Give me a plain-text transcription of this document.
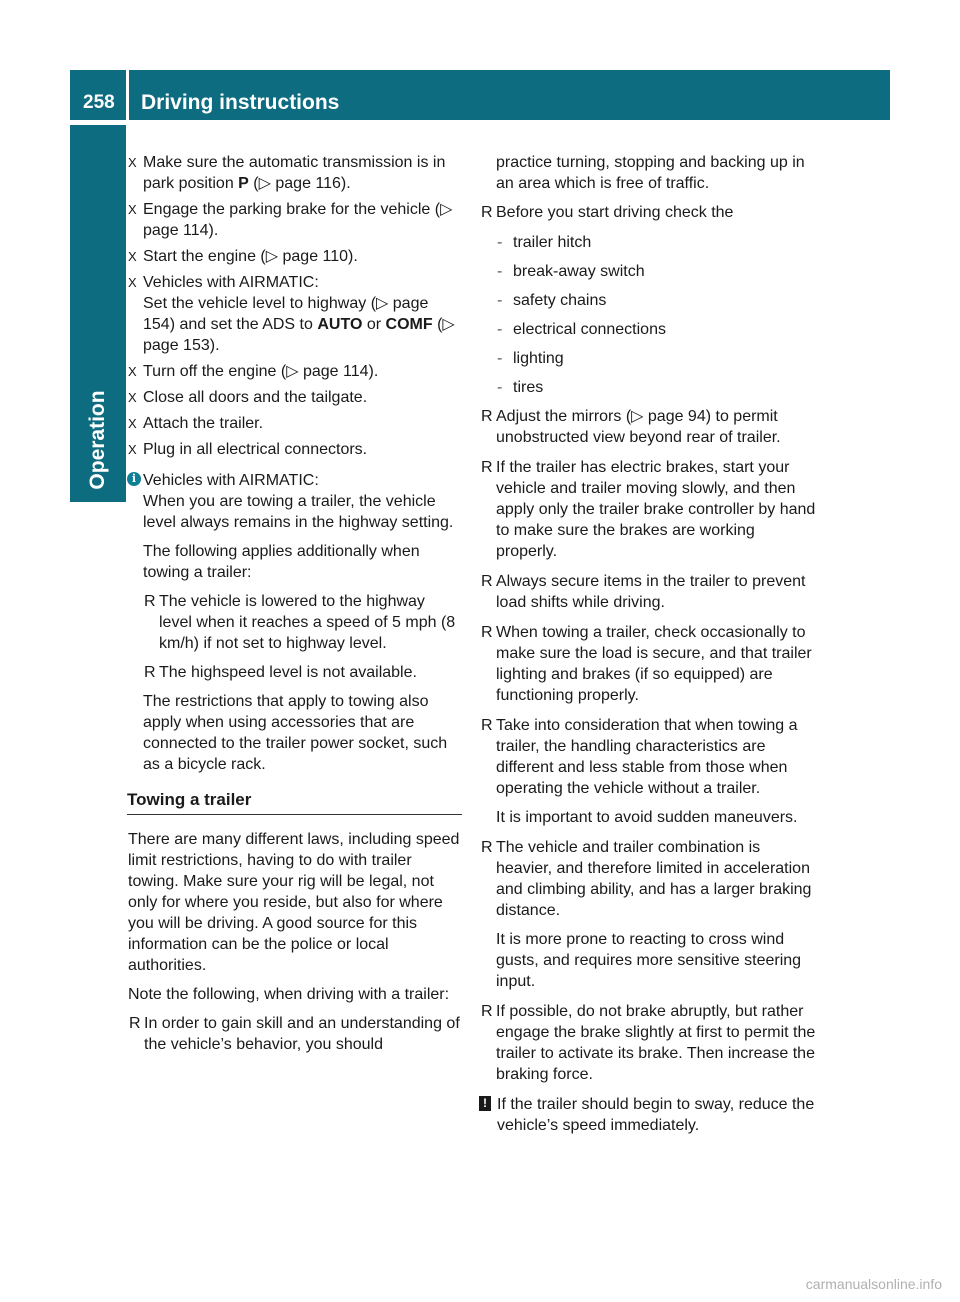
258	Driving instructions
Operation
X Make sure the automatic transmission is in park position P (▷ page 116).
X Engage the parking brake for the vehicle (▷ page 114).
X Start the engine (▷ page 110).
X Vehicles with AIRMATIC:
Set the vehicle level to highway (▷ page 154) and set the ADS to AUTO or COMF (▷ page 153).
X Turn off the engine (▷ page 114).
X Close all doors and the tailgate.
X Attach the trailer.
X Plug in all electrical connectors.
i Vehicles with AIRMATIC:
When you are towing a trailer, the vehicle level always remains in the highway setting.

The following applies additionally when towing a trailer:

R The vehicle is lowered to the highway level when it reaches a speed of 5 mph (8 km/h) if not set to highway level.
R The highspeed level is not available.

The restrictions that apply to towing also apply when using accessories that are connected to the trailer power socket, such as a bicycle rack.

Towing a trailer

There are many different laws, including speed limit restrictions, having to do with trailer towing. Make sure your rig will be legal, not only for where you reside, but also for where you will be driving. A good source for this information can be the police or local authorities.

Note the following, when driving with a trailer:

R In order to gain skill and an understanding of the vehicle’s behavior, you should

practice turning, stopping and backing up in an area which is free of traffic.

R Before you start driving check the
- trailer hitch
- break-away switch
- safety chains
- electrical connections
- lighting
- tires
R Adjust the mirrors (▷ page 94) to permit unobstructed view beyond rear of trailer.
R If the trailer has electric brakes, start your vehicle and trailer moving slowly, and then apply only the trailer brake controller by hand to make sure the brakes are working properly.
R Always secure items in the trailer to prevent load shifts while driving.
R When towing a trailer, check occasionally to make sure the load is secure, and that trailer lighting and brakes (if so equipped) are functioning properly.
R Take into consideration that when towing a trailer, the handling characteristics are different and less stable from those when operating the vehicle without a trailer.
It is important to avoid sudden maneuvers.
R The vehicle and trailer combination is heavier, and therefore limited in acceleration and climbing ability, and has a larger braking distance.
It is more prone to reacting to cross wind gusts, and requires more sensitive steering input.
R If possible, do not brake abruptly, but rather engage the brake slightly at first to permit the trailer to activate its brake. Then increase the braking force.
! If the trailer should begin to sway, reduce the vehicle’s speed immediately.
carmanualsonline.info
